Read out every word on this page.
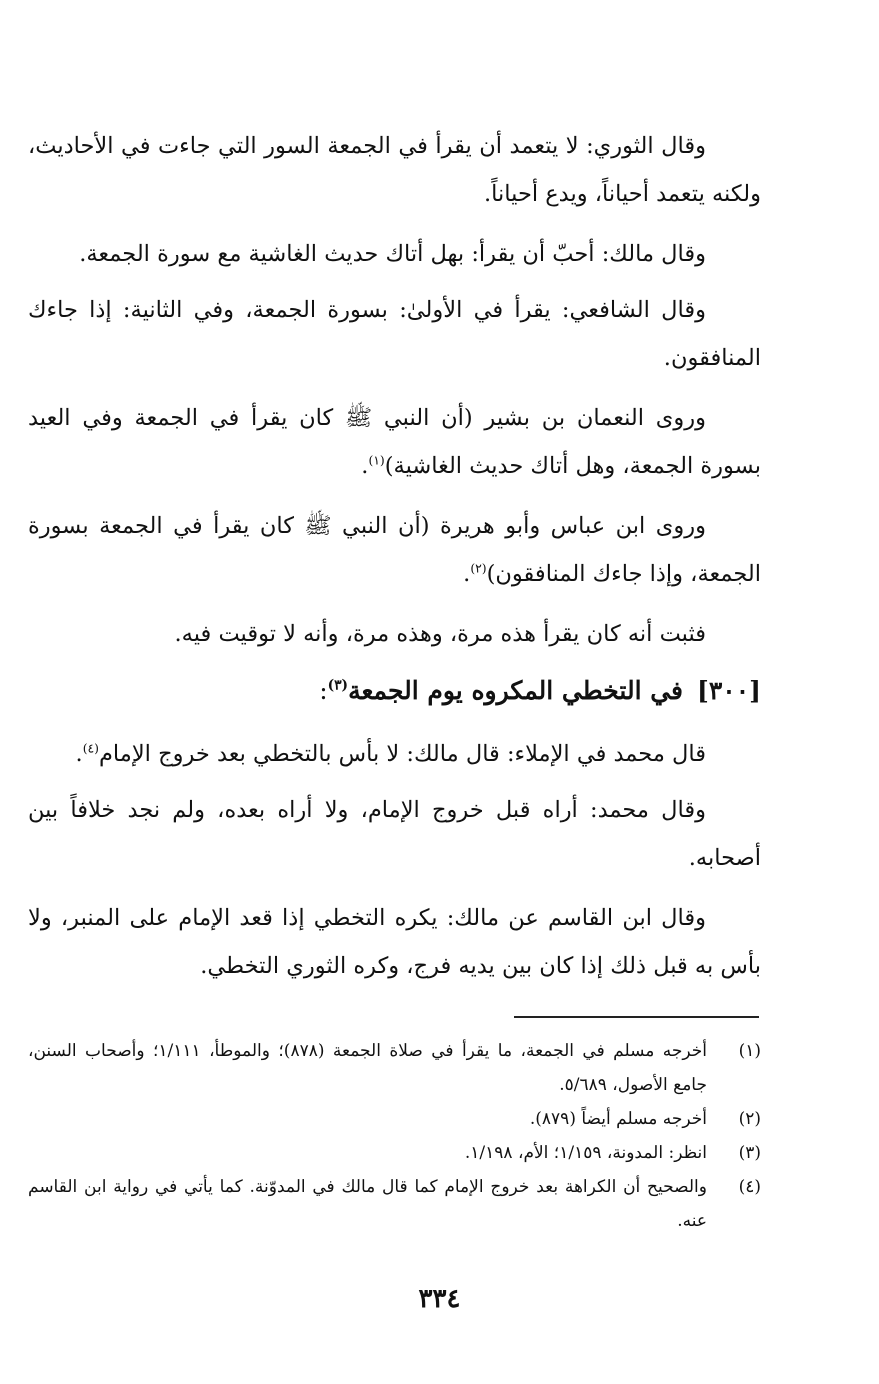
وقال الثوري: لا يتعمد أن يقرأ في الجمعة السور التي جاءت في الأحاديث، ولكنه يتعمد أحياناً، ويدع أحياناً.

وقال مالك: أحبّ أن يقرأ: بهل أتاك حديث الغاشية مع سورة الجمعة.

وقال الشافعي: يقرأ في الأولىٰ: بسورة الجمعة، وفي الثانية: إذا جاءك المنافقون.

وروى النعمان بن بشير (أن النبي ﷺ كان يقرأ في الجمعة وفي العيد بسورة الجمعة، وهل أتاك حديث الغاشية)$^{(١)}$.

وروى ابن عباس وأبو هريرة (أن النبي ﷺ كان يقرأ في الجمعة بسورة الجمعة، وإذا جاءك المنافقون)$^{(٢)}$.

فثبت أنه كان يقرأ هذه مرة، وهذه مرة، وأنه لا توقيت فيه.

[٣٠٠]في التخطي المكروه يوم الجمعة$^{(٣)}$:

قال محمد في الإملاء: قال مالك: لا بأس بالتخطي بعد خروج الإمام$^{(٤)}$.

وقال محمد: أراه قبل خروج الإمام، ولا أراه بعده، ولم نجد خلافاً بين أصحابه.

وقال ابن القاسم عن مالك: يكره التخطي إذا قعد الإمام على المنبر، ولا بأس به قبل ذلك إذا كان بين يديه فرج، وكره الثوري التخطي.

(١)
أخرجه مسلم في الجمعة، ما يقرأ في صلاة الجمعة (٨٧٨)؛ والموطأ، ١/١١١؛ وأصحاب السنن، جامع الأصول، ٥/٦٨٩.
(٢)
أخرجه مسلم أيضاً (٨٧٩).
(٣)
انظر: المدونة، ١/١٥٩؛ الأم، ١/١٩٨.
(٤)
والصحيح أن الكراهة بعد خروج الإمام كما قال مالك في المدوّنة. كما يأتي في رواية ابن القاسم عنه.
٣٣٤
